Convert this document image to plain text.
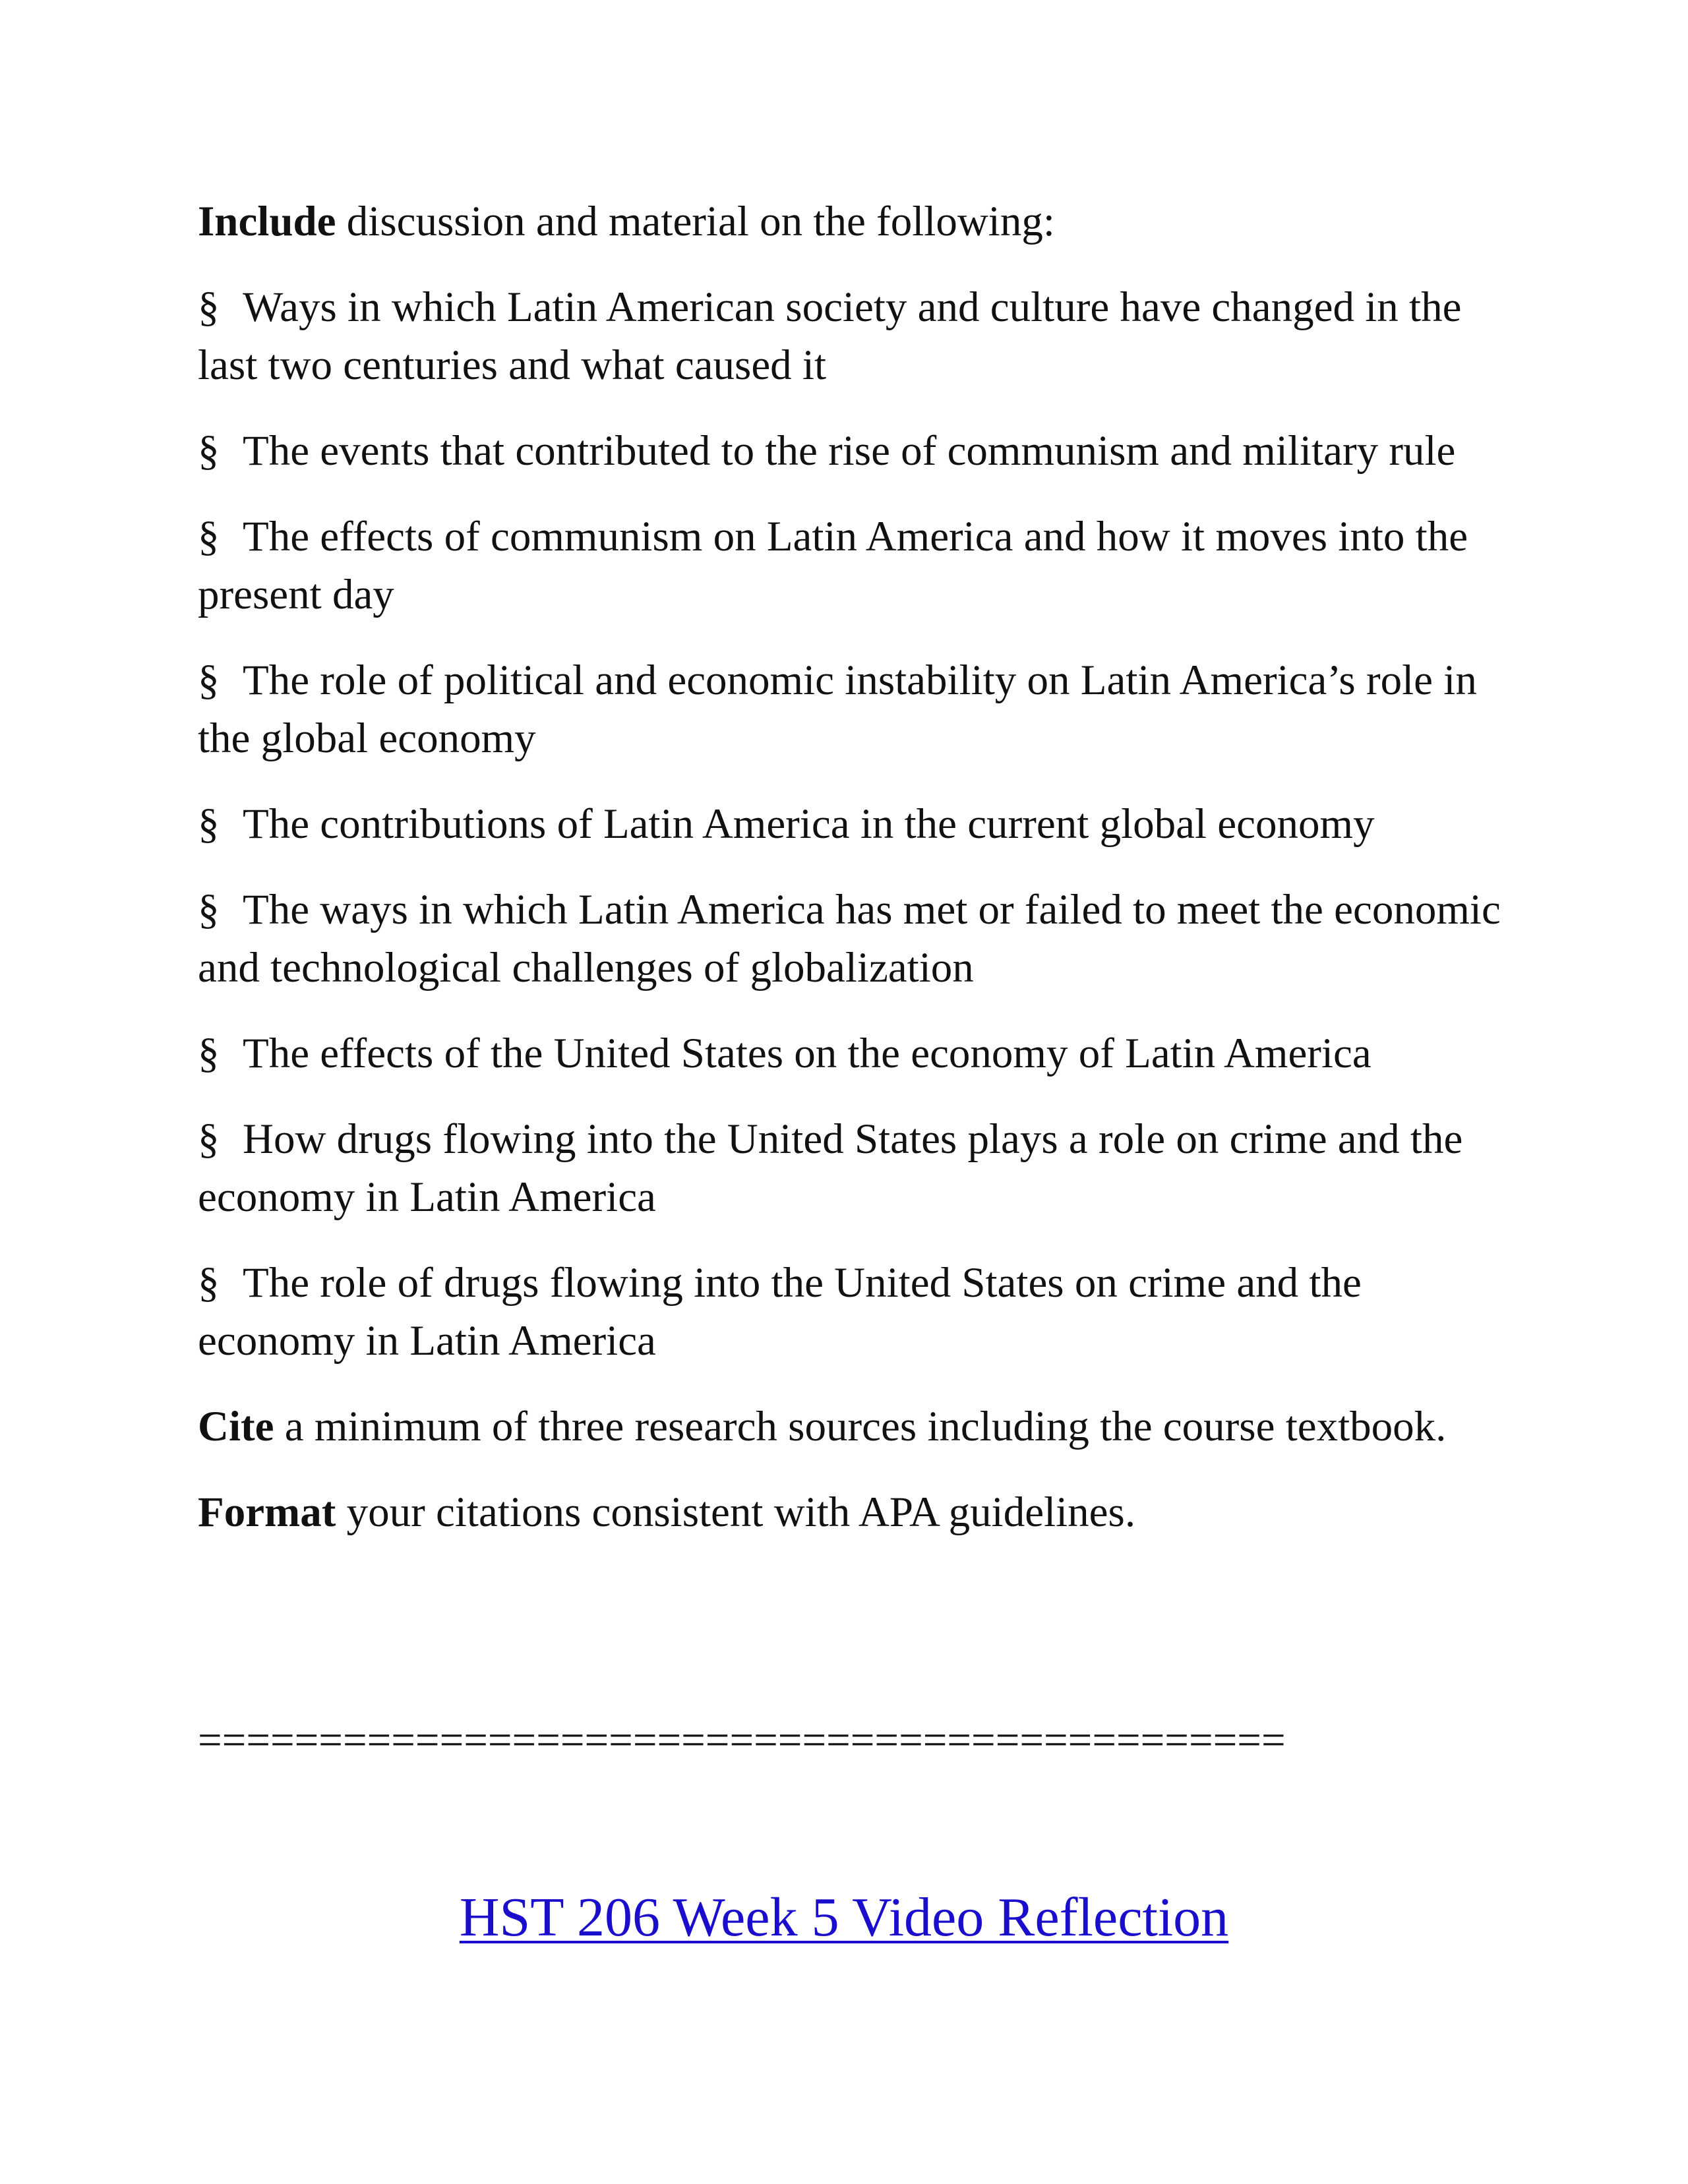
Include discussion and material on the following:

§ Ways in which Latin American society and culture have changed in the last two centuries and what caused it

§ The events that contributed to the rise of communism and military rule

§ The effects of communism on Latin America and how it moves into the present day

§ The role of political and economic instability on Latin America’s role in the global economy

§ The contributions of Latin America in the current global economy

§ The ways in which Latin America has met or failed to meet the economic and technological challenges of globalization

§ The effects of the United States on the economy of Latin America

§ How drugs flowing into the United States plays a role on crime and the economy in Latin America

§ The role of drugs flowing into the United States on crime and the economy in Latin America

Cite a minimum of three research sources including the course textbook.

Format your citations consistent with APA guidelines.

=============================================
HST 206 Week 5 Video Reflection
